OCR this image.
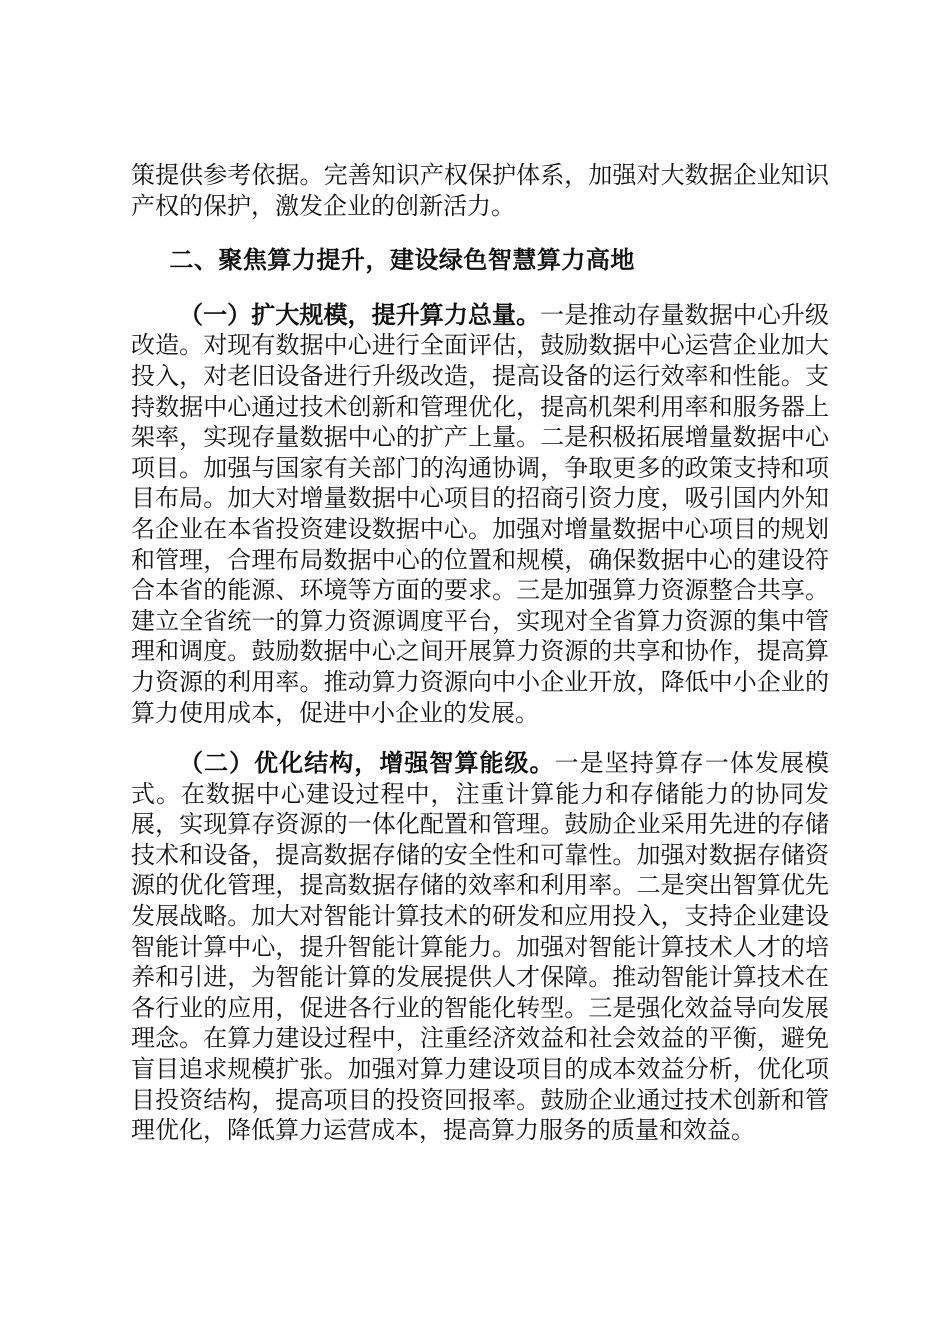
策提供参考依据。完善知识产权保护体系，加强对大数据企业知识产权的保护，激发企业的创新活力。

二、聚焦算力提升，建设绿色智慧算力高地

（一）扩大规模，提升算力总量。一是推动存量数据中心升级改造。对现有数据中心进行全面评估，鼓励数据中心运营企业加大投入，对老旧设备进行升级改造，提高设备的运行效率和性能。支持数据中心通过技术创新和管理优化，提高机架利用率和服务器上架率，实现存量数据中心的扩产上量。二是积极拓展增量数据中心项目。加强与国家有关部门的沟通协调，争取更多的政策支持和项目布局。加大对增量数据中心项目的招商引资力度，吸引国内外知名企业在本省投资建设数据中心。加强对增量数据中心项目的规划和管理，合理布局数据中心的位置和规模，确保数据中心的建设符合本省的能源、环境等方面的要求。三是加强算力资源整合共享。建立全省统一的算力资源调度平台，实现对全省算力资源的集中管理和调度。鼓励数据中心之间开展算力资源的共享和协作，提高算力资源的利用率。推动算力资源向中小企业开放，降低中小企业的算力使用成本，促进中小企业的发展。

（二）优化结构，增强智算能级。一是坚持算存一体发展模式。在数据中心建设过程中，注重计算能力和存储能力的协同发展，实现算存资源的一体化配置和管理。鼓励企业采用先进的存储技术和设备，提高数据存储的安全性和可靠性。加强对数据存储资源的优化管理，提高数据存储的效率和利用率。二是突出智算优先发展战略。加大对智能计算技术的研发和应用投入，支持企业建设智能计算中心，提升智能计算能力。加强对智能计算技术人才的培养和引进，为智能计算的发展提供人才保障。推动智能计算技术在各行业的应用，促进各行业的智能化转型。三是强化效益导向发展理念。在算力建设过程中，注重经济效益和社会效益的平衡，避免盲目追求规模扩张。加强对算力建设项目的成本效益分析，优化项目投资结构，提高项目的投资回报率。鼓励企业通过技术创新和管理优化，降低算力运营成本，提高算力服务的质量和效益。
